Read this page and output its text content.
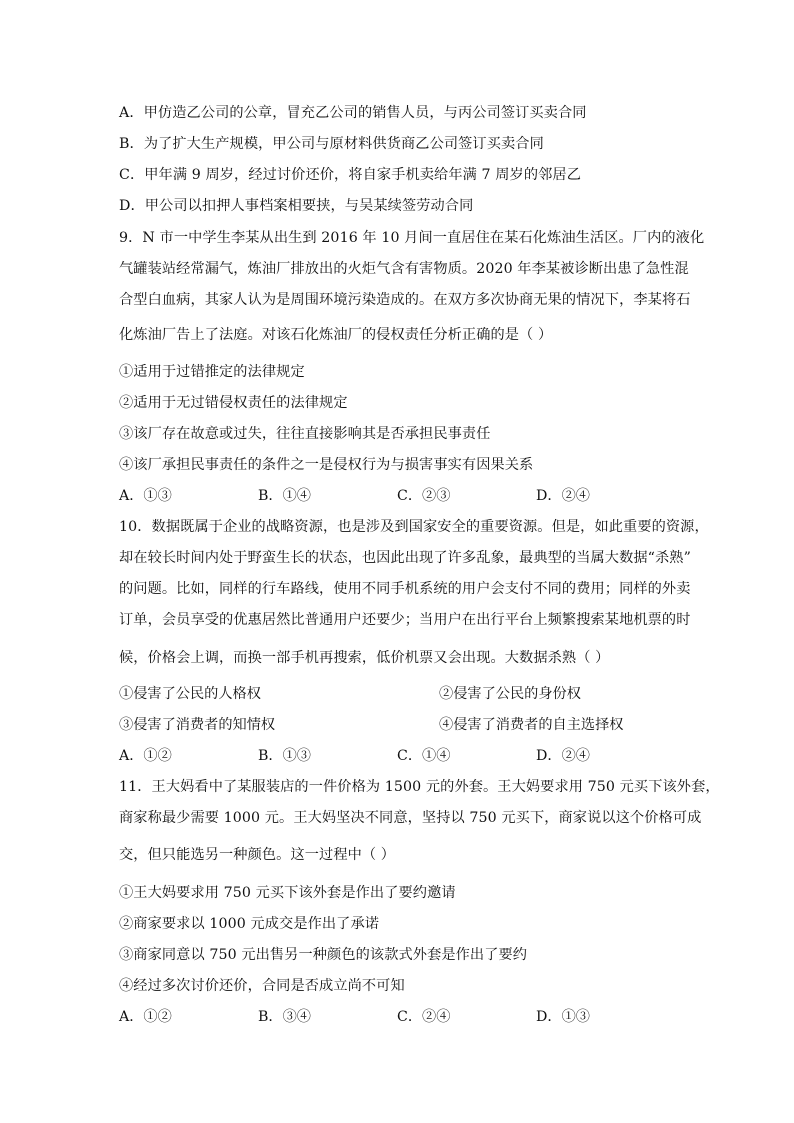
A．甲仿造乙公司的公章，冒充乙公司的销售人员，与丙公司签订买卖合同
B．为了扩大生产规模，甲公司与原材料供货商乙公司签订买卖合同
C．甲年满 9 周岁，经过讨价还价，将自家手机卖给年满 7 周岁的邻居乙
D．甲公司以扣押人事档案相要挟，与吴某续签劳动合同
9．N 市一中学生李某从出生到 2016 年 10 月间一直居住在某石化炼油生活区。厂内的液化
气罐装站经常漏气，炼油厂排放出的火炬气含有害物质。2020 年李某被诊断出患了急性混
合型白血病，其家人认为是周围环境污染造成的。在双方多次协商无果的情况下，李某将石
化炼油厂告上了法庭。对该石化炼油厂的侵权责任分析正确的是（ ）
①适用于过错推定的法律规定
②适用于无过错侵权责任的法律规定
③该厂存在故意或过失，往往直接影响其是否承担民事责任
④该厂承担民事责任的条件之一是侵权行为与损害事实有因果关系
A．①③	B．①④	C．②③	D．②④
10．数据既属于企业的战略资源，也是涉及到国家安全的重要资源。但是，如此重要的资源，
却在较长时间内处于野蛮生长的状态，也因此出现了许多乱象，最典型的当属大数据“杀熟”
的问题。比如，同样的行车路线，使用不同手机系统的用户会支付不同的费用；同样的外卖
订单，会员享受的优惠居然比普通用户还要少；当用户在出行平台上频繁搜索某地机票的时
候，价格会上调，而换一部手机再搜索，低价机票又会出现。大数据杀熟（ ）
①侵害了公民的人格权	②侵害了公民的身份权
③侵害了消费者的知情权	④侵害了消费者的自主选择权
A．①②	B．①③	C．①④	D．②④
11．王大妈看中了某服装店的一件价格为 1500 元的外套。王大妈要求用 750 元买下该外套，
商家称最少需要 1000 元。王大妈坚决不同意，坚持以 750 元买下，商家说以这个价格可成
交，但只能选另一种颜色。这一过程中（ ）
①王大妈要求用 750 元买下该外套是作出了要约邀请
②商家要求以 1000 元成交是作出了承诺
③商家同意以 750 元出售另一种颜色的该款式外套是作出了要约
④经过多次讨价还价，合同是否成立尚不可知
A．①②	B．③④	C．②④	D．①③
